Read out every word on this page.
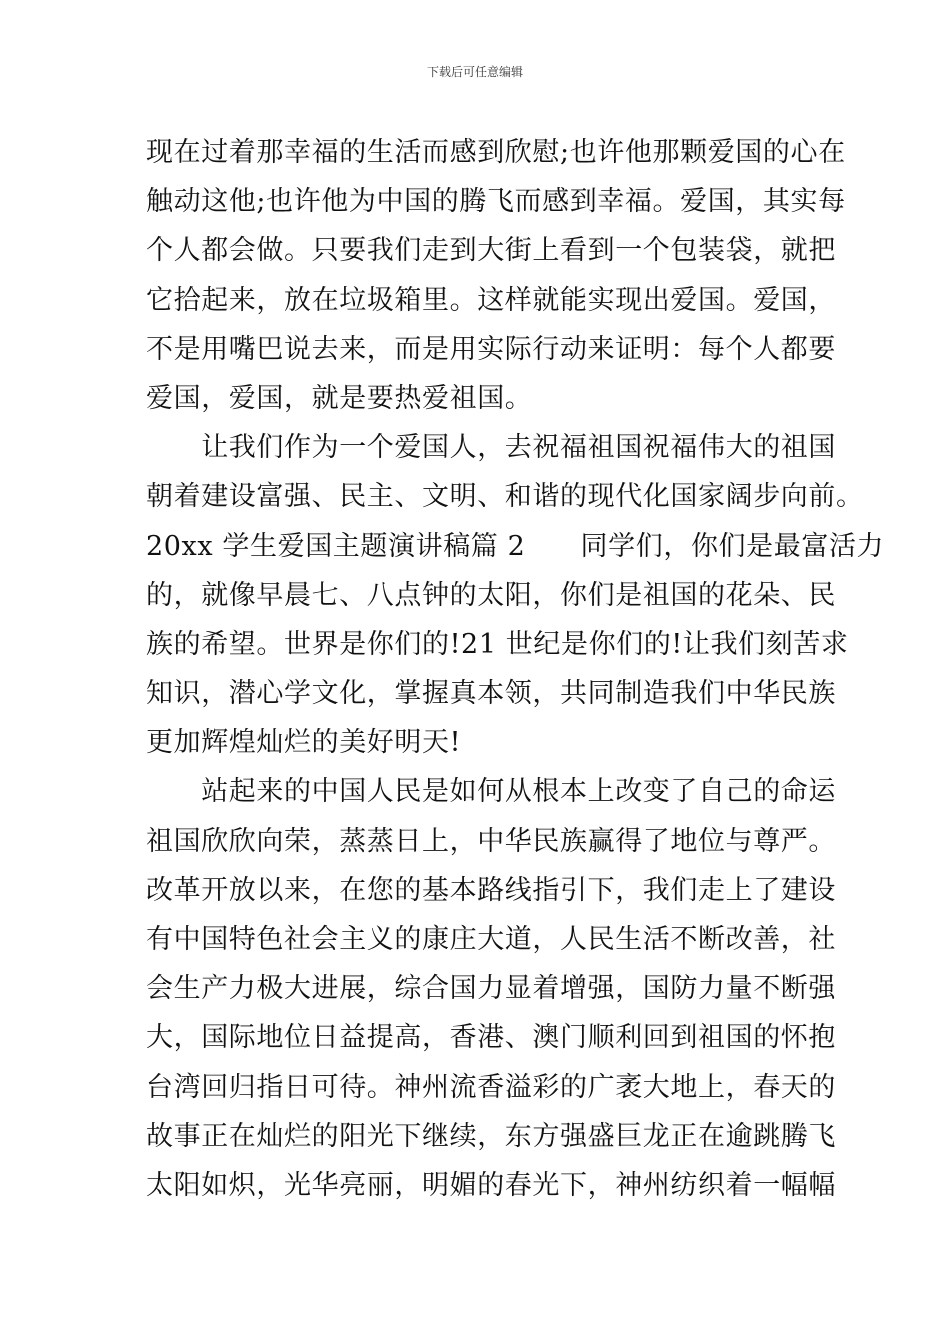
下载后可任意编辑
现在过着那幸福的生活而感到欣慰;也许他那颗爱国的心在
触动这他;也许他为中国的腾飞而感到幸福。爱国，其实每
个人都会做。只要我们走到大街上看到一个包装袋，就把
它拾起来，放在垃圾箱里。这样就能实现出爱国。爱国，
不是用嘴巴说去来，而是用实际行动来证明：每个人都要
爱国，爱国，就是要热爱祖国。
　　让我们作为一个爱国人，去祝福祖国祝福伟大的祖国
朝着建设富强、民主、文明、和谐的现代化国家阔步向前。
20xx 学生爱国主题演讲稿篇 2　　同学们，你们是最富活力
的，就像早晨七、八点钟的太阳，你们是祖国的花朵、民
族的希望。世界是你们的!21 世纪是你们的!让我们刻苦求
知识，潜心学文化，掌握真本领，共同制造我们中华民族
更加辉煌灿烂的美好明天!
　　站起来的中国人民是如何从根本上改变了自己的命运
祖国欣欣向荣，蒸蒸日上，中华民族赢得了地位与尊严。
改革开放以来，在您的基本路线指引下，我们走上了建设
有中国特色社会主义的康庄大道，人民生活不断改善，社
会生产力极大进展，综合国力显着增强，国防力量不断强
大，国际地位日益提高，香港、澳门顺利回到祖国的怀抱
台湾回归指日可待。神州流香溢彩的广袤大地上，春天的
故事正在灿烂的阳光下继续，东方强盛巨龙正在逾跳腾飞
太阳如炽，光华亮丽，明媚的春光下，神州纺织着一幅幅
